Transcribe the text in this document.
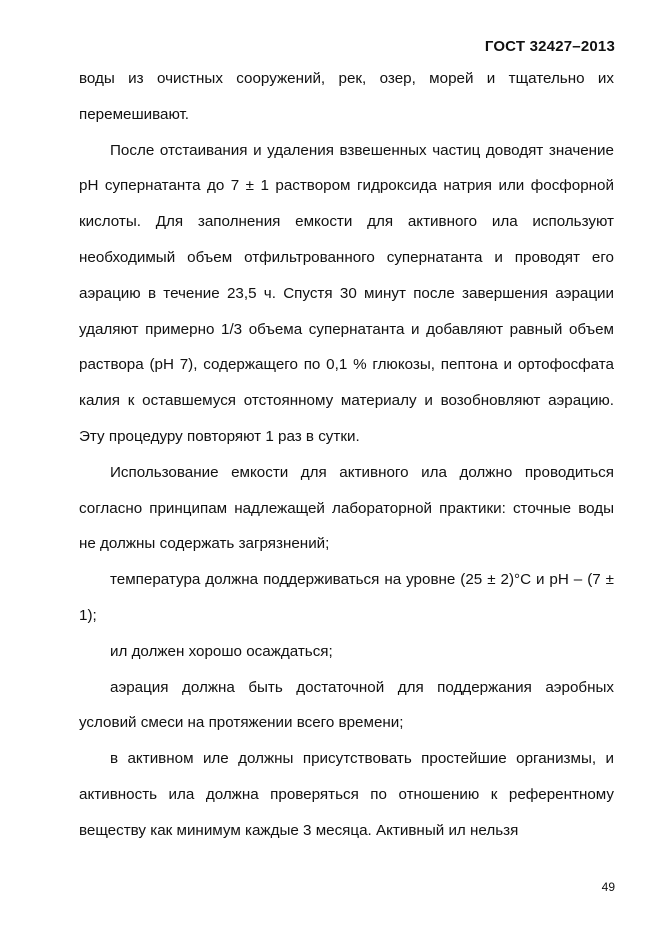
ГОСТ 32427–2013

воды из очистных сооружений, рек, озер, морей и тщательно их перемешивают.

После отстаивания и удаления взвешенных частиц доводят значение pH супернатанта до 7 ± 1 раствором гидроксида натрия или фосфорной кислоты. Для заполнения емкости для активного ила используют необходимый объем отфильтрованного супернатанта и проводят его аэрацию в течение 23,5 ч. Спустя 30 минут после завершения аэрации удаляют примерно 1/3 объема супернатанта и добавляют равный объем раствора (pH 7), содержащего по 0,1 % глюкозы, пептона и ортофосфата калия к оставшемуся отстоянному материалу и возобновляют аэрацию. Эту процедуру повторяют 1 раз в сутки.

Использование емкости для активного ила должно проводиться согласно принципам надлежащей лабораторной практики: сточные воды не должны содержать загрязнений;

температура должна поддерживаться на уровне (25 ± 2)°С и pH – (7 ± 1);

ил должен хорошо осаждаться;

аэрация должна быть достаточной для поддержания аэробных условий смеси на протяжении всего времени;

в активном иле должны присутствовать простейшие организмы, и активность ила должна проверяться по отношению к референтному веществу как минимум каждые 3 месяца. Активный ил нельзя

49
